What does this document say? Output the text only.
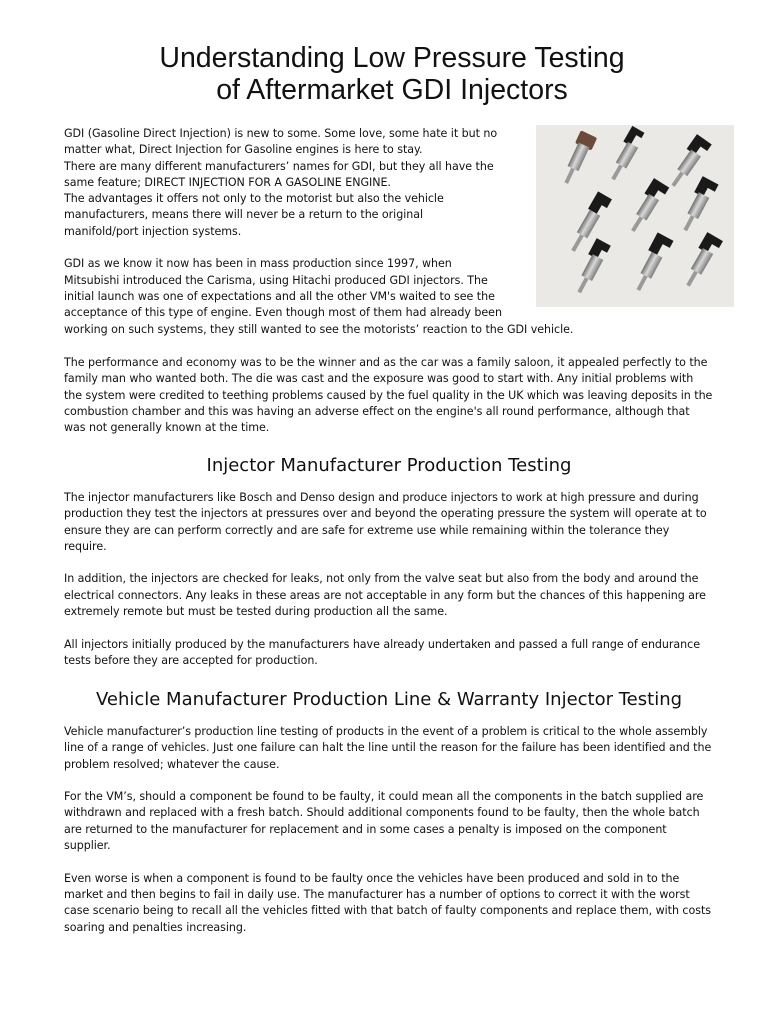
Understanding Low Pressure Testing
of Aftermarket GDI Injectors

GDI (Gasoline Direct Injection) is new to some. Some love, some hate it but no
matter what, Direct Injection for Gasoline engines is here to stay.
There are many different manufacturers’ names for GDI, but they all have the
same feature; DIRECT INJECTION FOR A GASOLINE ENGINE.
The advantages it offers not only to the motorist but also the vehicle
manufacturers, means there will never be a return to the original
manifold/port injection systems.

GDI as we know it now has been in mass production since 1997, when
Mitsubishi introduced the Carisma, using Hitachi produced GDI injectors. The
initial launch was one of expectations and all the other VM's waited to see the
acceptance of this type of engine. Even though most of them had already been
working on such systems, they still wanted to see the motorists’ reaction to the GDI vehicle.

The performance and economy was to be the winner and as the car was a family saloon, it appealed perfectly to the family man who wanted both. The die was cast and the exposure was good to start with. Any initial problems with the system were credited to teething problems caused by the fuel quality in the UK which was leaving deposits in the combustion chamber and this was having an adverse effect on the engine's all round performance, although that was not generally known at the time.

Injector Manufacturer Production Testing

The injector manufacturers like Bosch and Denso design and produce injectors to work at high pressure and during production they test the injectors at pressures over and beyond the operating pressure the system will operate at to ensure they are can perform correctly and are safe for extreme use while remaining within the tolerance they require.

In addition, the injectors are checked for leaks, not only from the valve seat but also from the body and around the electrical connectors. Any leaks in these areas are not acceptable in any form but the chances of this happening are extremely remote but must be tested during production all the same.

All injectors initially produced by the manufacturers have already undertaken and passed a full range of endurance tests before they are accepted for production.

Vehicle Manufacturer Production Line & Warranty Injector Testing

Vehicle manufacturer’s production line testing of products in the event of a problem is critical to the whole assembly line of a range of vehicles. Just one failure can halt the line until the reason for the failure has been identified and the problem resolved; whatever the cause.

For the VM’s, should a component be found to be faulty, it could mean all the components in the batch supplied are withdrawn and replaced with a fresh batch. Should additional components found to be faulty, then the whole batch are returned to the manufacturer for replacement and in some cases a penalty is imposed on the component supplier.

Even worse is when a component is found to be faulty once the vehicles have been produced and sold in to the market and then begins to fail in daily use. The manufacturer has a number of options to correct it with the worst case scenario being to recall all the vehicles fitted with that batch of faulty components and replace them, with costs soaring and penalties increasing.
